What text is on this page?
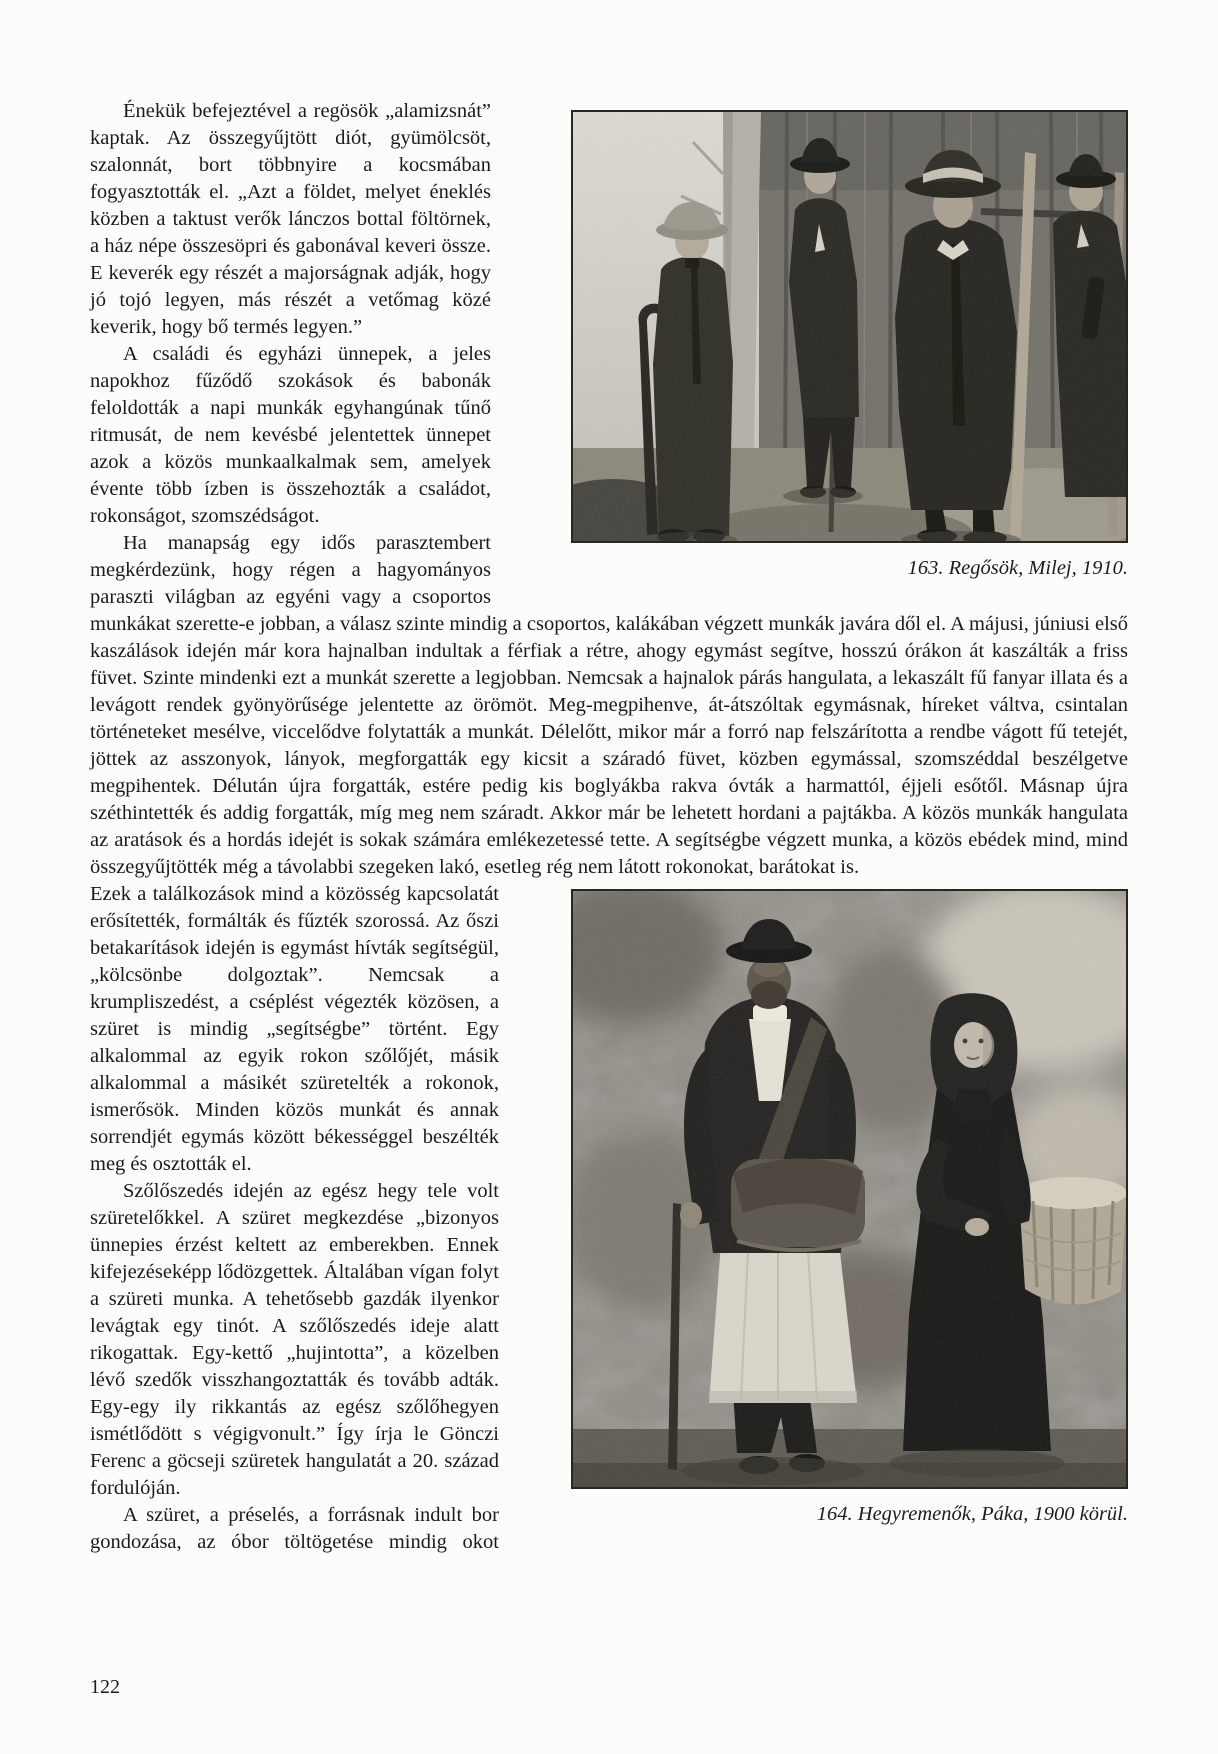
163. Regősök, Milej, 1910.

Énekük befejeztével a regösök „alamizsnát” kaptak. Az összegyűjtött diót, gyümölcsöt, szalonnát, bort többnyire a kocsmában fogyasztották el. „Azt a földet, melyet éneklés közben a taktust verők lánczos bottal föltörnek, a ház népe összesöpri és gabonával keveri össze. E keverék egy részét a majorságnak adják, hogy jó tojó legyen, más részét a vetőmag közé keverik, hogy bő termés legyen.”

A családi és egyházi ünnepek, a jeles napokhoz fűződő szokások és babonák feloldották a napi munkák egyhangúnak tűnő ritmusát, de nem kevésbé jelentettek ünnepet azok a közös munkaalkalmak sem, amelyek évente több ízben is összehozták a családot, rokonságot, szomszédságot.

Ha manapság egy idős parasztembert megkérdezünk, hogy régen a hagyományos paraszti világban az egyéni vagy a csoportos munkákat szerette-e jobban, a válasz szinte mindig a csoportos, kalákában végzett munkák javára dől el. A májusi, júniusi első kaszálások idején már kora hajnalban indultak a férfiak a rétre, ahogy egymást segítve, hosszú órákon át kaszálták a friss füvet. Szinte mindenki ezt a munkát szerette a legjobban. Nemcsak a hajnalok párás hangulata, a lekaszált fű fanyar illata és a levágott rendek gyönyörűsége jelentette az örömöt. Meg-megpihenve, át-átszóltak egymásnak, híreket váltva, csintalan történeteket mesélve, viccelődve folytatták a munkát. Délelőtt, mikor már a forró nap felszárította a rendbe vágott fű tetejét, jöttek az asszonyok, lányok, megforgatták egy kicsit a száradó füvet, közben egymással, szomszéddal beszélgetve megpihentek. Délután újra forgatták, estére pedig kis boglyákba rakva óvták a harmattól, éjjeli esőtől. Másnap újra széthintették és addig forgatták, míg meg nem száradt. Akkor már be lehetett hordani a pajtákba. A közös munkák hangulata az aratások és a hordás idejét is sokak számára emlékezetessé tette. A segítségbe végzett munka, a közös ebédek mind, mind összegyűjtötték még a távolabbi szegeken lakó, esetleg rég nem látott rokonokat, barátokat is.

164. Hegyremenők, Páka, 1900 körül.

Ezek a találkozások mind a közösség kapcsolatát erősítették, formálták és fűzték szorossá. Az őszi betakarítások idején is egymást hívták segítségül, „kölcsönbe dolgoztak”. Nemcsak a krumpliszedést, a cséplést végezték közösen, a szüret is mindig „segítségbe” történt. Egy alkalommal az egyik rokon szőlőjét, másik alkalommal a másikét szüretelték a rokonok, ismerősök. Minden közös munkát és annak sorrendjét egymás között békességgel beszélték meg és osztották el.

Szőlőszedés idején az egész hegy tele volt szüretelőkkel. A szüret megkezdése „bizonyos ünnepies érzést keltett az emberekben. Ennek kifejezéseképp lődözgettek. Általában vígan folyt a szüreti munka. A tehetősebb gazdák ilyenkor levágtak egy tinót. A szőlőszedés ideje alatt rikogattak. Egy-kettő „hujintotta”, a közelben lévő szedők visszhangoztatták és tovább adták. Egy-egy ily rikkantás az egész szőlőhegyen ismétlődött s végigvonult.” Így írja le Gönczi Ferenc a göcseji szüretek hangulatát a 20. század fordulóján.

A szüret, a préselés, a forrásnak indult bor gondozása, az óbor töltögetése mindig okot

122
